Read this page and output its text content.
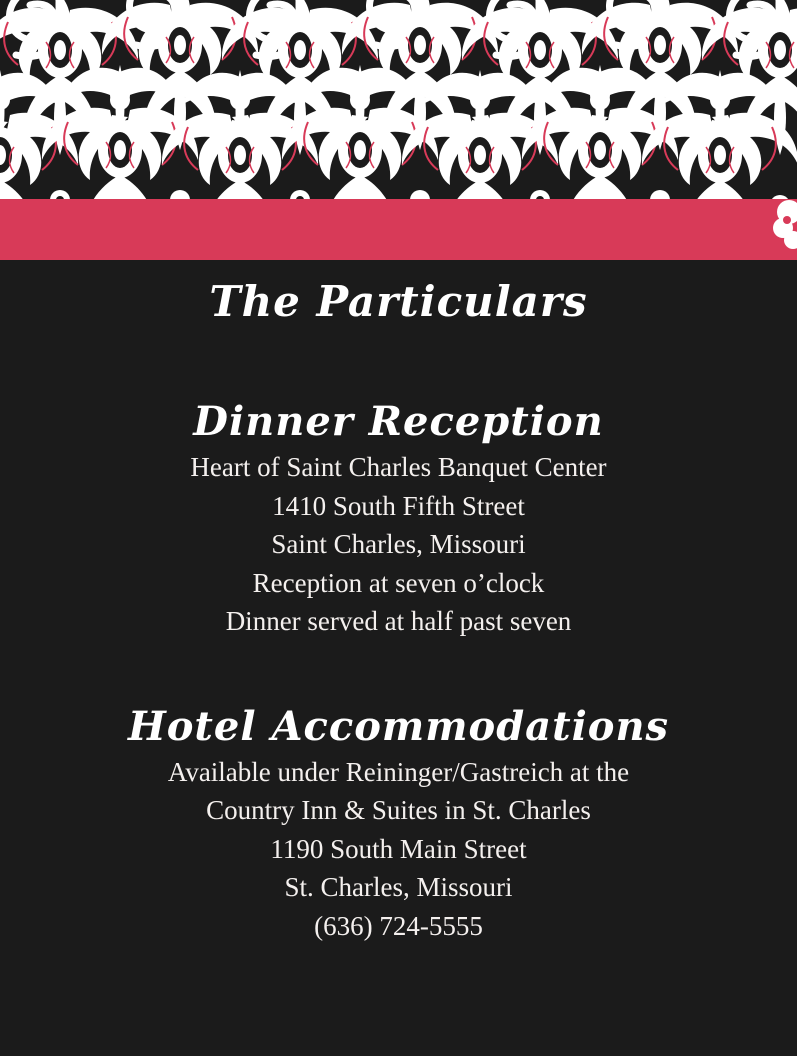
The Particulars
Dinner Reception
Heart of Saint Charles Banquet Center
1410 South Fifth Street
Saint Charles, Missouri
Reception at seven o’clock
Dinner served at half past seven
Hotel Accommodations
Available under Reininger/Gastreich at the
Country Inn & Suites in St. Charles
1190 South Main Street
St. Charles, Missouri
(636) 724-5555
